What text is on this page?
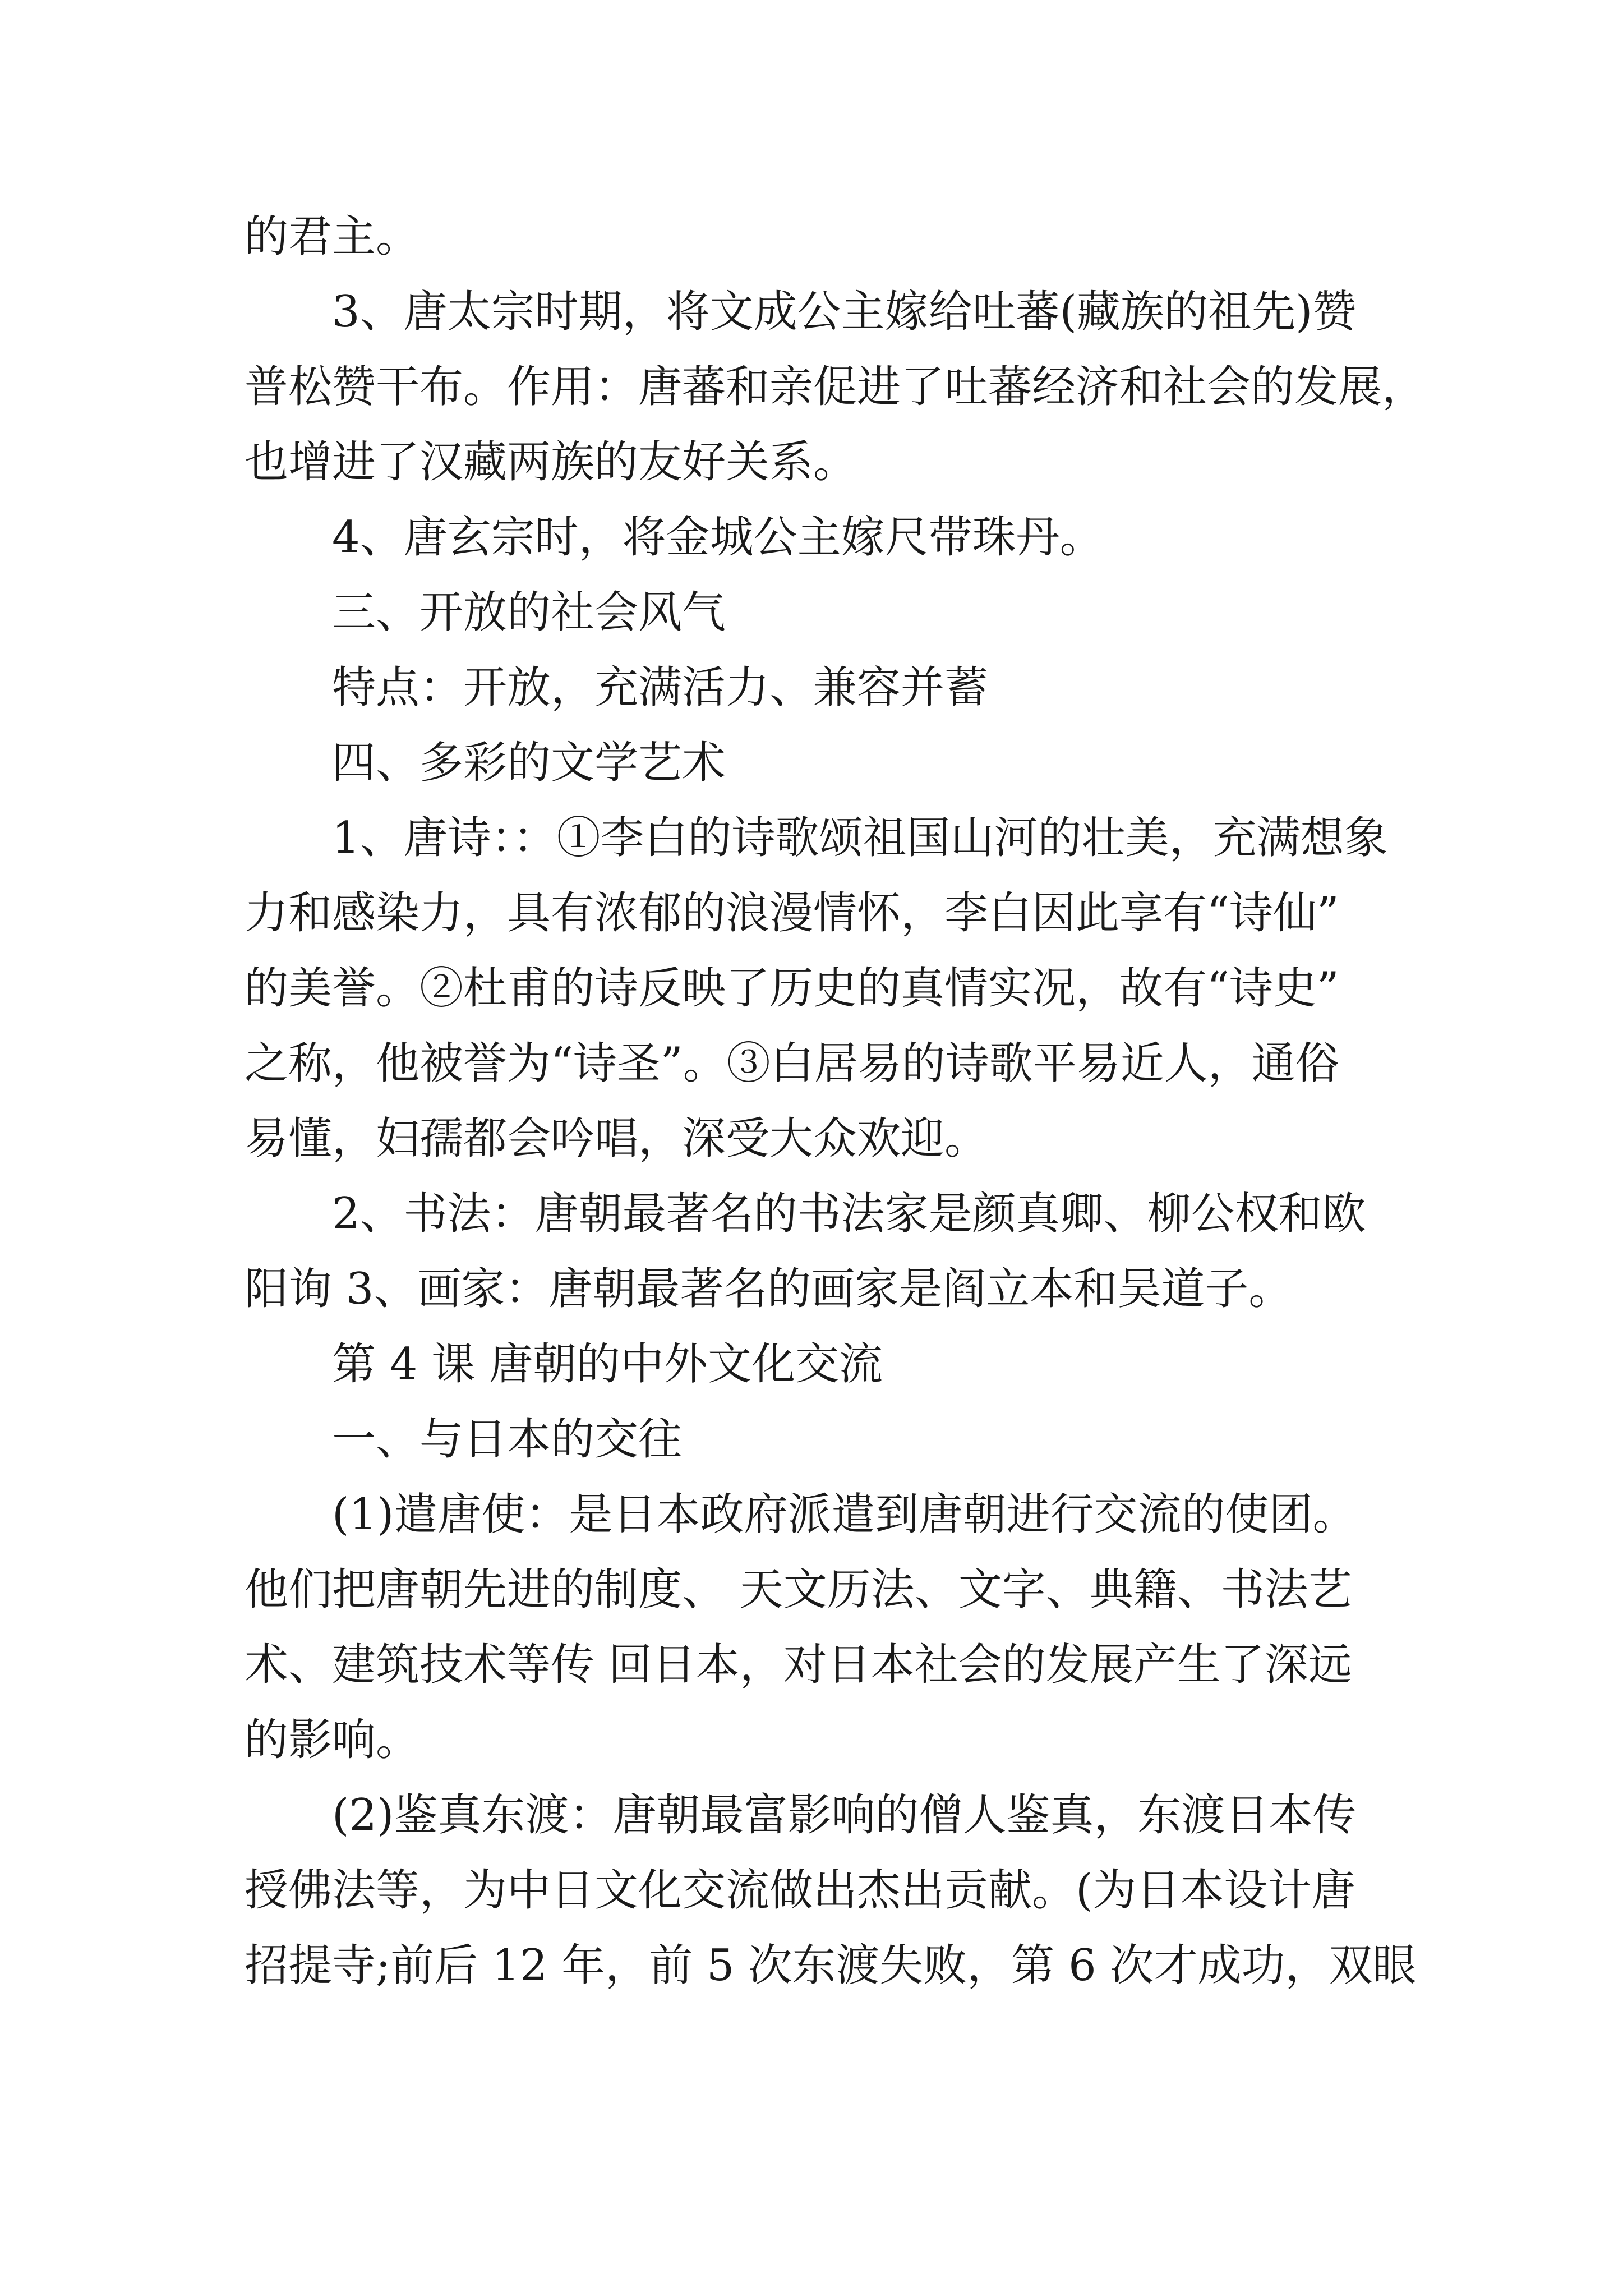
的君主。
3、唐太宗时期，将文成公主嫁给吐蕃(藏族的祖先)赞
普松赞干布。作用：唐蕃和亲促进了吐蕃经济和社会的发展，
也增进了汉藏两族的友好关系。
4、唐玄宗时，将金城公主嫁尺带珠丹。
三、开放的社会风气
特点：开放，充满活力、兼容并蓄
四、多彩的文学艺术
1、唐诗：：①李白的诗歌颂祖国山河的壮美，充满想象
力和感染力，具有浓郁的浪漫情怀，李白因此享有“诗仙”
的美誉。②杜甫的诗反映了历史的真情实况，故有“诗史”
之称，他被誉为“诗圣”。③白居易的诗歌平易近人，通俗
易懂，妇孺都会吟唱，深受大众欢迎。
2、书法：唐朝最著名的书法家是颜真卿、柳公权和欧
阳询 3、画家：唐朝最著名的画家是阎立本和吴道子。
第 4 课 唐朝的中外文化交流
一、与日本的交往
(1)遣唐使：是日本政府派遣到唐朝进行交流的使团。
他们把唐朝先进的制度、 天文历法、文字、典籍、书法艺
术、建筑技术等传 回日本，对日本社会的发展产生了深远
的影响。
(2)鉴真东渡：唐朝最富影响的僧人鉴真，东渡日本传
授佛法等，为中日文化交流做出杰出贡献。(为日本设计唐
招提寺;前后 12 年，前 5 次东渡失败，第 6 次才成功，双眼
